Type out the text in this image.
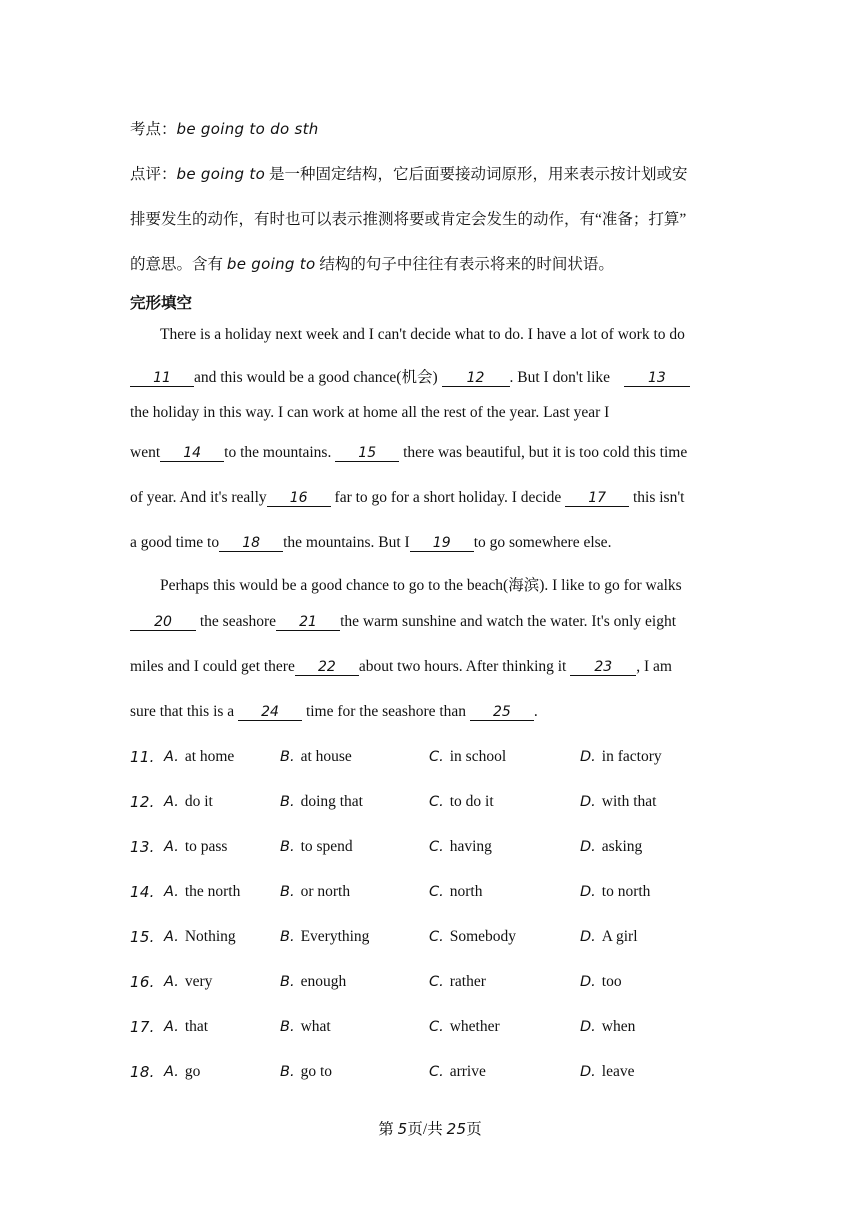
考点：be going to do sth
点评：be going to 是一种固定结构，它后面要接动词原形，用来表示按计划或安
排要发生的动作，有时也可以表示推测将要或肯定会发生的动作，有“准备；打算”
的意思。含有 be going to 结构的句子中往往有表示将来的时间状语。
完形填空
There is a holiday next week and I can't decide what to do. I have a lot of work to do
11 and this would be a good chance(机会) 12 . But I don't like	13
the holiday in this way. I can work at home all the rest of the year. Last year I
went 14 to the mountains. 15 there was beautiful, but it is too cold this time
of year. And it's really 16 far to go for a short holiday. I decide 17 this isn't
a good time to 18 the mountains. But I 19 to go somewhere else.
Perhaps this would be a good chance to go to the beach(海滨). I like to go for walks
20 the seashore 21 the warm sunshine and watch the water. It's only eight
miles and I could get there 22 about two hours. After thinking it 23 , I am
sure that this is a 24 time for the seashore than 25 .
11. A. at home	B. at house	C. in school	D. in factory
12. A. do it	B. doing that	C. to do it	D. with that
13. A. to pass	B. to spend	C. having	D. asking
14. A. the north	B. or north	C. north	D. to north
15. A. Nothing	B. Everything	C. Somebody	D. A girl
16. A. very	B. enough	C. rather	D. too
17. A. that	B. what	C. whether	D. when
18. A. go	B. go to	C. arrive	D. leave
第 5页/共 25页
